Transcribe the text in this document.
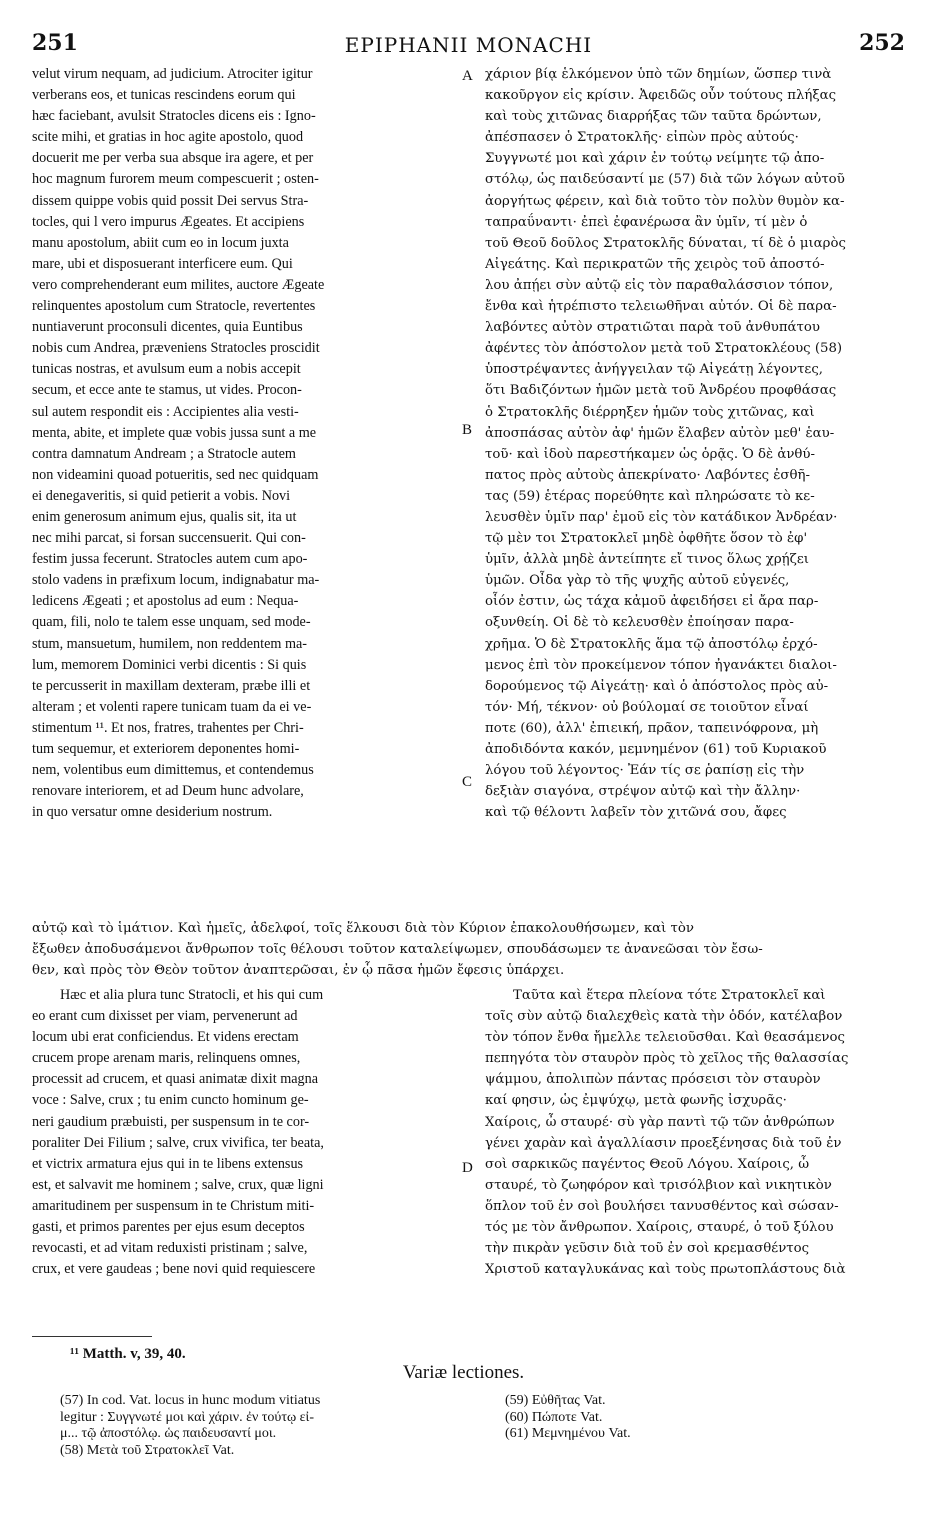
251	EPIPHANII MONACHI	252
velut virum nequam, ad judicium. Atrociter igitur
verberans eos, et tunicas rescindens eorum qui
hæc faciebant, avulsit Stratocles dicens eis : Igno-
scite mihi, et gratias in hoc agite apostolo, quod
docuerit me per verba sua absque ira agere, et per
hoc magnum furorem meum compescuerit ; osten-
dissem quippe vobis quid possit Dei servus Stra-
tocles, qui l vero impurus Ægeates. Et accipiens
manu apostolum, abiit cum eo in locum juxta
mare, ubi et disposuerant interficere eum. Qui
vero comprehenderant eum milites, auctore Ægeate
relinquentes apostolum cum Stratocle, revertentes
nuntiaverunt proconsuli dicentes, quia Euntibus
nobis cum Andrea, præveniens Stratocles proscidit
tunicas nostras, et avulsum eum a nobis accepit
secum, et ecce ante te stamus, ut vides. Procon-
sul autem respondit eis : Accipientes alia vesti-
menta, abite, et implete quæ vobis jussa sunt a me
contra damnatum Andream ; a Stratocle autem
non videamini quoad potueritis, sed nec quidquam
ei denegaveritis, si quid petierit a vobis. Novi
enim generosum animum ejus, qualis sit, ita ut
nec mihi parcat, si forsan succensuerit. Qui con-
festim jussa fecerunt. Stratocles autem cum apo-
stolo vadens in præfixum locum, indignabatur ma-
ledicens Ægeati ; et apostolus ad eum : Nequa-
quam, fili, nolo te talem esse unquam, sed mode-
stum, mansuetum, humilem, non reddentem ma-
lum, memorem Dominici verbi dicentis : Si quis
te percusserit in maxillam dexteram, præbe illi et
alteram ; et volenti rapere tunicam tuam da ei ve-
stimentum ¹¹. Et nos, fratres, trahentes per Chri-
tum sequemur, et exteriorem deponentes homi-
nem, volentibus eum dimittemus, et contendemus
renovare interiorem, et ad Deum hunc advolare,
in quo versatur omne desiderium nostrum.
χάριον βίᾳ ἑλκόμενον ὑπὸ τῶν δημίων, ὥσπερ τινὰ
κακοῦργον εἰς κρίσιν. Ἀφειδῶς οὖν τούτους πλήξας
καὶ τοὺς χιτῶνας διαρρήξας τῶν ταῦτα δρώντων,
ἀπέσπασεν ὁ Στρατοκλῆς· εἰπὼν πρὸς αὐτούς·
Συγγνωτέ μοι καὶ χάριν ἐν τούτῳ νείμητε τῷ ἀπο-
στόλῳ, ὡς παιδεύσαντί με (57) διὰ τῶν λόγων αὐτοῦ
ἀοργήτως φέρειν, καὶ διὰ τοῦτο τὸν πολὺν θυμὸν κα-
ταπραΰναντι· ἐπεὶ ἐφανέρωσα ἂν ὑμῖν, τί μὲν ὁ
τοῦ Θεοῦ δοῦλος Στρατοκλῆς δύναται, τί δὲ ὁ μιαρὸς
Αἰγεάτης. Καὶ περικρατῶν τῆς χειρὸς τοῦ ἀποστό-
λου ἀπῄει σὺν αὐτῷ εἰς τὸν παραθαλάσσιον τόπον,
ἔνθα καὶ ἡτρέπιστο τελειωθῆναι αὐτόν. Οἱ δὲ παρα-
λαβόντες αὐτὸν στρατιῶται παρὰ τοῦ ἀνθυπάτου
ἀφέντες τὸν ἀπόστολον μετὰ τοῦ Στρατοκλέους (58)
ὑποστρέψαντες ἀνήγγειλαν τῷ Αἰγεάτῃ λέγοντες,
ὅτι Βαδιζόντων ἡμῶν μετὰ τοῦ Ἀνδρέου προφθάσας
ὁ Στρατοκλῆς διέρρηξεν ἡμῶν τοὺς χιτῶνας, καὶ
ἀποσπάσας αὐτὸν ἀφ' ἡμῶν ἔλαβεν αὐτὸν μεθ' ἑαυ-
τοῦ· καὶ ἰδοὺ παρεστήκαμεν ὡς ὁρᾷς. Ὁ δὲ ἀνθύ-
πατος πρὸς αὐτοὺς ἀπεκρίνατο· Λαβόντες ἐσθῆ-
τας (59) ἑτέρας πορεύθητε καὶ πληρώσατε τὸ κε-
λευσθὲν ὑμῖν παρ' ἐμοῦ εἰς τὸν κατάδικον Ἀνδρέαν·
τῷ μὲν τοι Στρατοκλεῖ μηδὲ ὀφθῆτε ὅσον τὸ ἐφ'
ὑμῖν, ἀλλὰ μηδὲ ἀντείπητε εἴ τινος ὅλως χρῄζει
ὑμῶν. Οἶδα γὰρ τὸ τῆς ψυχῆς αὐτοῦ εὐγενές,
οἷόν ἐστιν, ὡς τάχα κἀμοῦ ἀφειδήσει εἰ ἄρα παρ-
οξυνθείη. Οἱ δὲ τὸ κελευσθὲν ἐποίησαν παρα-
χρῆμα. Ὁ δὲ Στρατοκλῆς ἅμα τῷ ἀποστόλῳ ἐρχό-
μενος ἐπὶ τὸν προκείμενον τόπον ἠγανάκτει διαλοι-
δορούμενος τῷ Αἰγεάτῃ· καὶ ὁ ἀπόστολος πρὸς αὐ-
τόν· Μή, τέκνον· οὐ βούλομαί σε τοιοῦτον εἶναί
ποτε (60), ἀλλ' ἐπιεική, πρᾶον, ταπεινόφρονα, μὴ
ἀποδιδόντα κακόν, μεμνημένον (61) τοῦ Κυριακοῦ
λόγου τοῦ λέγοντος· Ἐάν τίς σε ῥαπίσῃ εἰς τὴν
δεξιὰν σιαγόνα, στρέψον αὐτῷ καὶ τὴν ἄλλην·
καὶ τῷ θέλοντι λαβεῖν τὸν χιτῶνά σου, ἄφες
A
B
C
D
αὐτῷ καὶ τὸ ἱμάτιον. Καὶ ἡμεῖς, ἀδελφοί, τοῖς ἕλκουσι διὰ τὸν Κύριον ἐπακολουθήσωμεν, καὶ τὸν
ἔξωθεν ἀποδυσάμενοι ἄνθρωπον τοῖς θέλουσι τοῦτον καταλείψωμεν, σπουδάσωμεν τε ἀνανεῶσαι τὸν ἔσω-
θεν, καὶ πρὸς τὸν Θεὸν τοῦτον ἀναπτερῶσαι, ἐν ᾧ πᾶσα ἡμῶν ἔφεσις ὑπάρχει.
Hæc et alia plura tunc Stratocli, et his qui cum
eo erant cum dixisset per viam, pervenerunt ad
locum ubi erat conficiendus. Et videns erectam
crucem prope arenam maris, relinquens omnes,
processit ad crucem, et quasi animatæ dixit magna
voce : Salve, crux ; tu enim cuncto hominum ge-
neri gaudium præbuisti, per suspensum in te cor-
poraliter Dei Filium ; salve, crux vivifica, ter beata,
et victrix armatura ejus qui in te libens extensus
est, et salvavit me hominem ; salve, crux, quæ ligni
amaritudinem per suspensum in te Christum miti-
gasti, et primos parentes per ejus esum deceptos
revocasti, et ad vitam reduxisti pristinam ; salve,
crux, et vere gaudeas ; bene novi quid requiescere
Ταῦτα καὶ ἕτερα πλείονα τότε Στρατοκλεῖ καὶ
τοῖς σὺν αὐτῷ διαλεχθεὶς κατὰ τὴν ὁδόν, κατέλαβον
τὸν τόπον ἔνθα ἤμελλε τελειοῦσθαι. Καὶ θεασάμενος
πεπηγότα τὸν σταυρὸν πρὸς τὸ χεῖλος τῆς θαλασσίας
ψάμμου, ἀπολιπὼν πάντας πρόσεισι τὸν σταυρὸν
καί φησιν, ὡς ἐμψύχῳ, μετὰ φωνῆς ἰσχυρᾶς·
Χαίροις, ὦ σταυρέ· σὺ γὰρ παντὶ τῷ τῶν ἀνθρώπων
γένει χαρὰν καὶ ἀγαλλίασιν προεξένησας διὰ τοῦ ἐν
σοὶ σαρκικῶς παγέντος Θεοῦ Λόγου. Χαίροις, ὦ
σταυρέ, τὸ ζωηφόρον καὶ τρισόλβιον καὶ νικητικὸν
ὅπλον τοῦ ἐν σοὶ βουλήσει τανυσθέντος καὶ σώσαν-
τός με τὸν ἄνθρωπον. Χαίροις, σταυρέ, ὁ τοῦ ξύλου
τὴν πικρὰν γεῦσιν διὰ τοῦ ἐν σοὶ κρεμασθέντος
Χριστοῦ καταγλυκάνας καὶ τοὺς πρωτοπλάστους διὰ
¹¹ Matth. v, 39, 40.
Variæ lectiones.
(57) In cod. Vat. locus in hunc modum vitiatus
legitur : Συγγνωτέ μοι καὶ χάριν. ἐν τούτῳ εἰ-
μ... τῷ ἀποστόλῳ. ὡς παιδευσαντί μοι.
(58) Μετὰ τοῦ Στρατοκλεῖ Vat.
(59) Εὐθῆτας Vat.
(60) Πώποτε Vat.
(61) Μεμνημένου Vat.
